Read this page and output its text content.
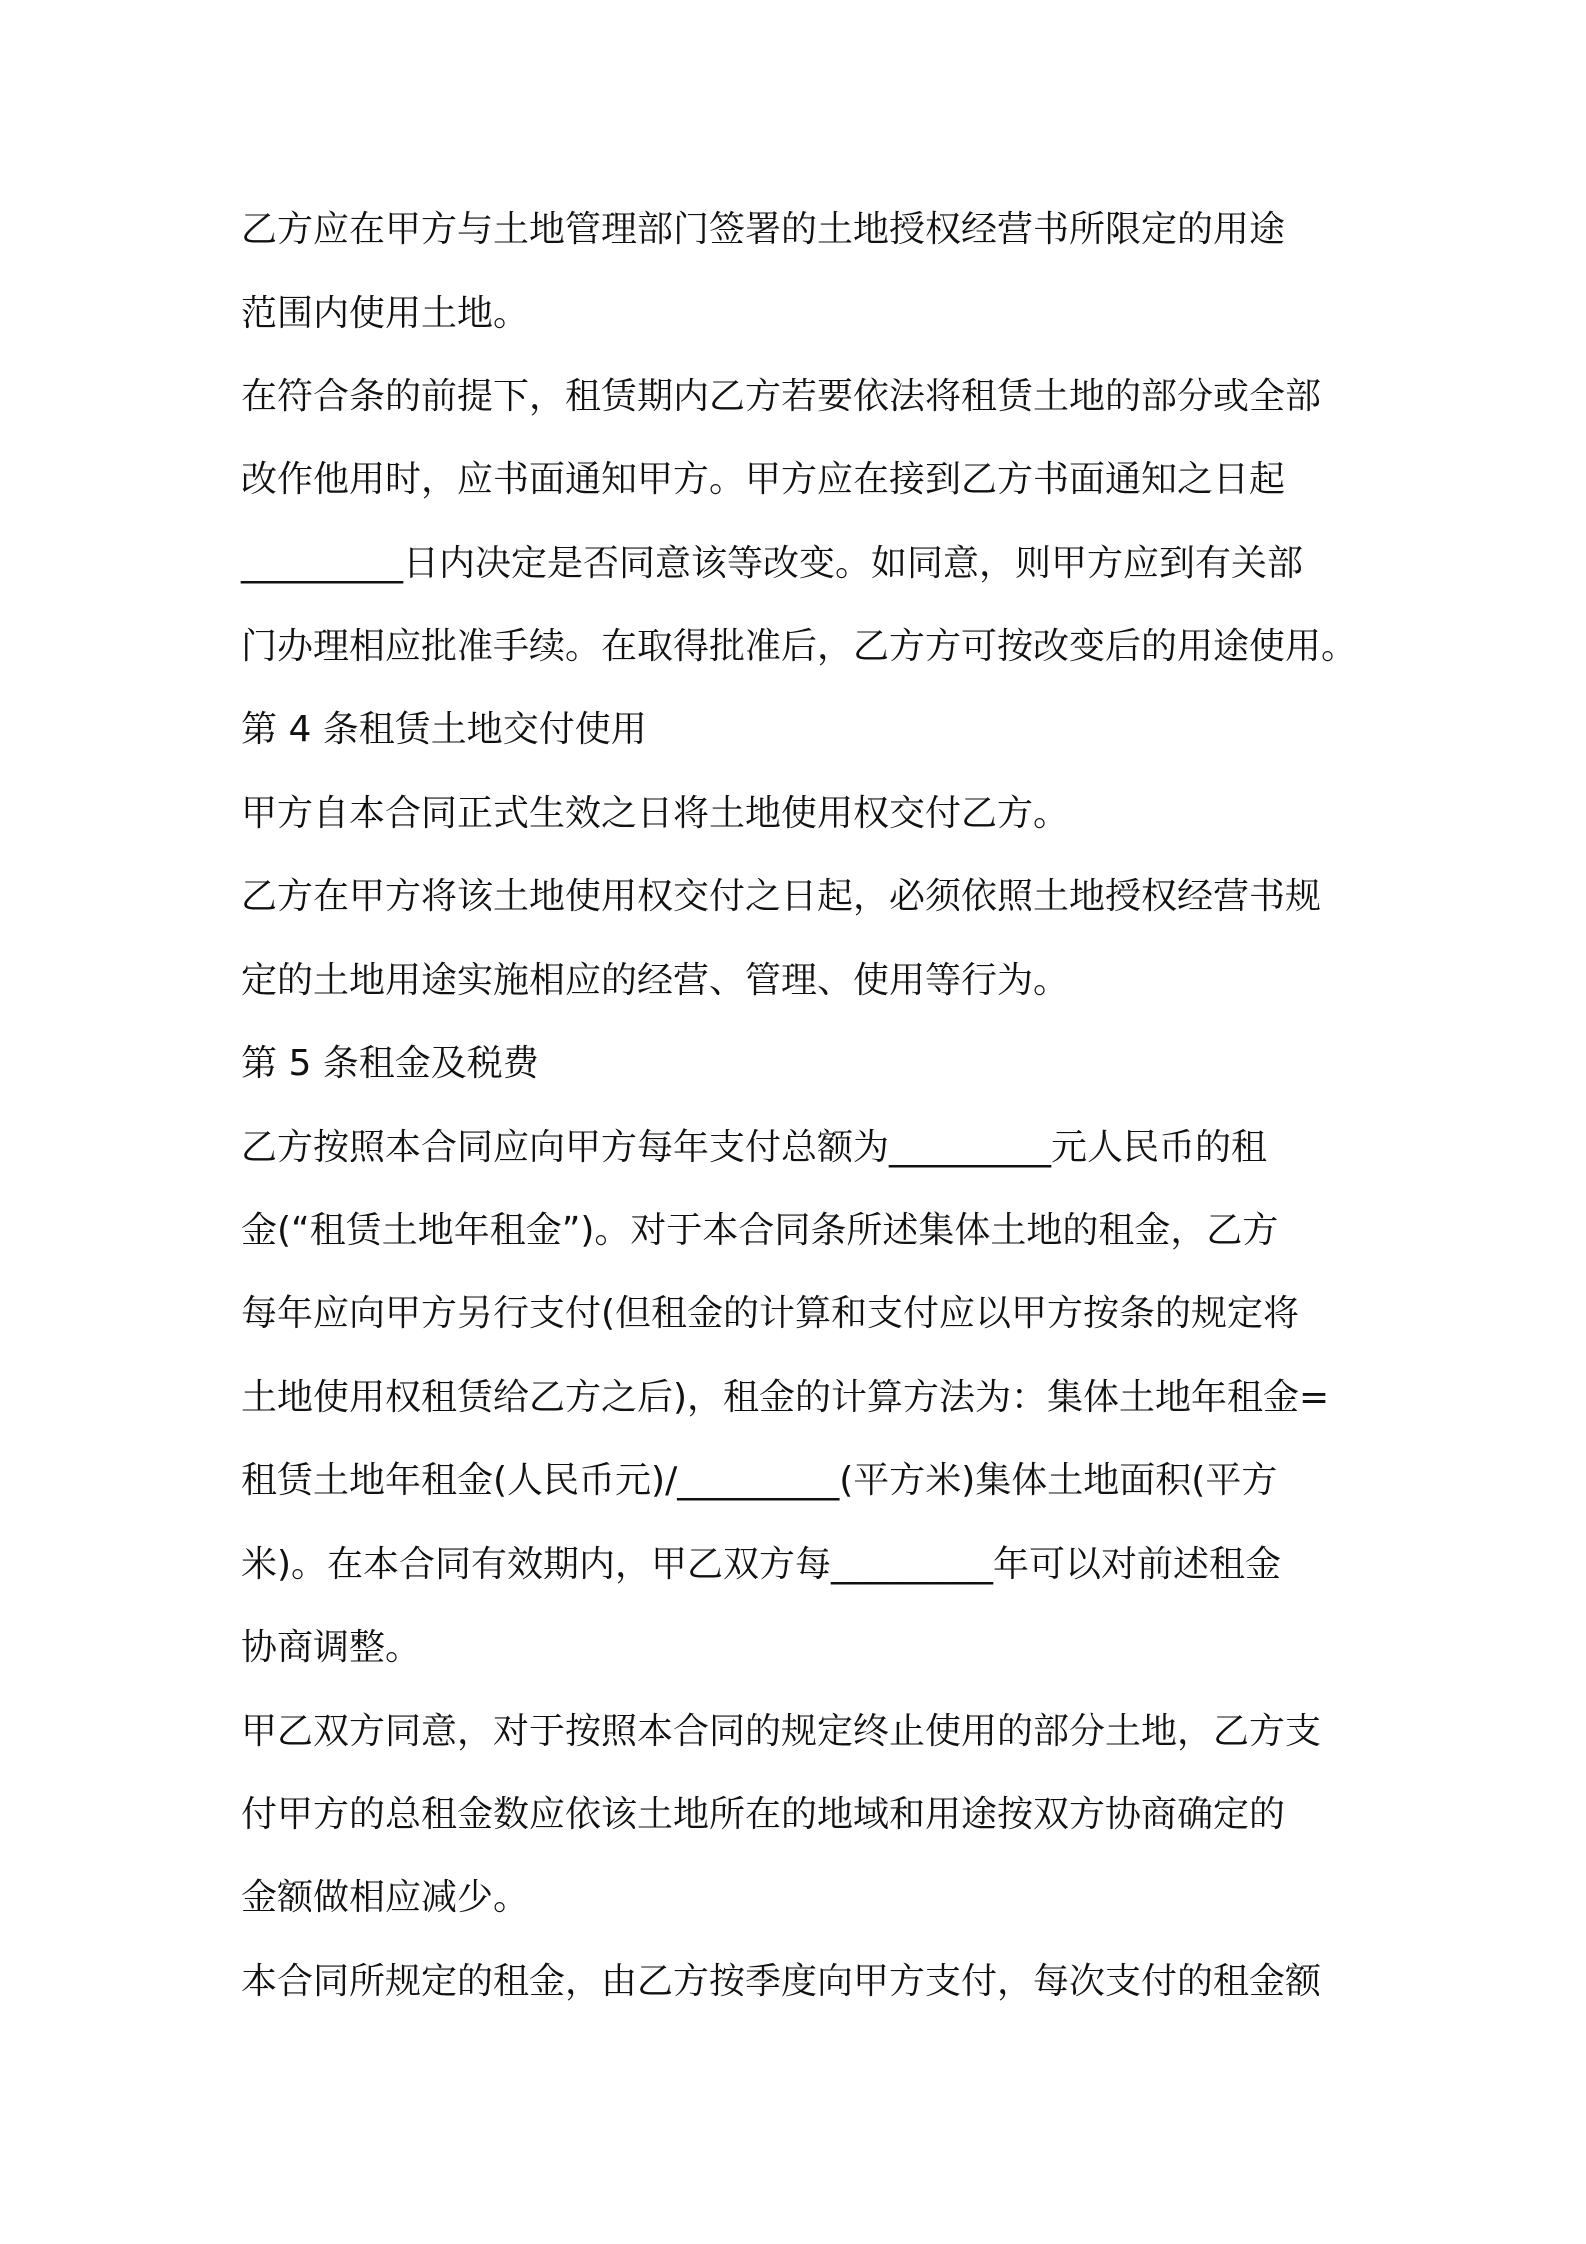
乙方应在甲方与土地管理部门签署的土地授权经营书所限定的用途
范围内使用土地。
在符合条的前提下，租赁期内乙方若要依法将租赁土地的部分或全部
改作他用时，应书面通知甲方。甲方应在接到乙方书面通知之日起
_________日内决定是否同意该等改变。如同意，则甲方应到有关部
门办理相应批准手续。在取得批准后，乙方方可按改变后的用途使用。
第 4 条租赁土地交付使用
甲方自本合同正式生效之日将土地使用权交付乙方。
乙方在甲方将该土地使用权交付之日起，必须依照土地授权经营书规
定的土地用途实施相应的经营、管理、使用等行为。
第 5 条租金及税费
乙方按照本合同应向甲方每年支付总额为_________元人民币的租
金(“租赁土地年租金”)。对于本合同条所述集体土地的租金，乙方
每年应向甲方另行支付(但租金的计算和支付应以甲方按条的规定将
土地使用权租赁给乙方之后)，租金的计算方法为：集体土地年租金=
租赁土地年租金(人民币元)/_________(平方米)集体土地面积(平方
米)。在本合同有效期内，甲乙双方每_________年可以对前述租金
协商调整。
甲乙双方同意，对于按照本合同的规定终止使用的部分土地，乙方支
付甲方的总租金数应依该土地所在的地域和用途按双方协商确定的
金额做相应减少。
本合同所规定的租金，由乙方按季度向甲方支付，每次支付的租金额
